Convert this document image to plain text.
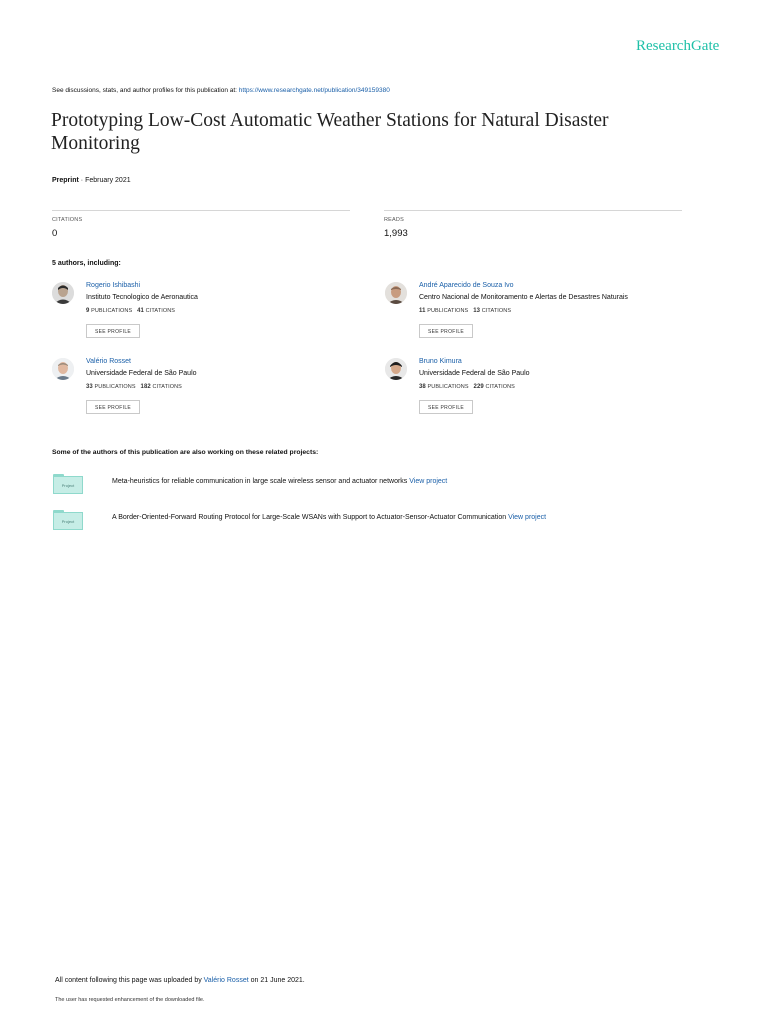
ResearchGate
See discussions, stats, and author profiles for this publication at: https://www.researchgate.net/publication/349159380
Prototyping Low-Cost Automatic Weather Stations for Natural Disaster Monitoring
Preprint · February 2021
CITATIONS
0
READS
1,993
5 authors, including:
Rogerio Ishibashi
Instituto Tecnologico de Aeronautica
9 PUBLICATIONS 41 CITATIONS
SEE PROFILE
André Aparecido de Souza Ivo
Centro Nacional de Monitoramento e Alertas de Desastres Naturais
11 PUBLICATIONS 13 CITATIONS
SEE PROFILE
Valério Rosset
Universidade Federal de São Paulo
33 PUBLICATIONS 182 CITATIONS
SEE PROFILE
Bruno Kimura
Universidade Federal de São Paulo
38 PUBLICATIONS 229 CITATIONS
SEE PROFILE
Some of the authors of this publication are also working on these related projects:
Project
Meta-heuristics for reliable communication in large scale wireless sensor and actuator networks View project
Project
A Border-Oriented-Forward Routing Protocol for Large-Scale WSANs with Support to Actuator-Sensor-Actuator Communication View project
All content following this page was uploaded by Valério Rosset on 21 June 2021.
The user has requested enhancement of the downloaded file.
